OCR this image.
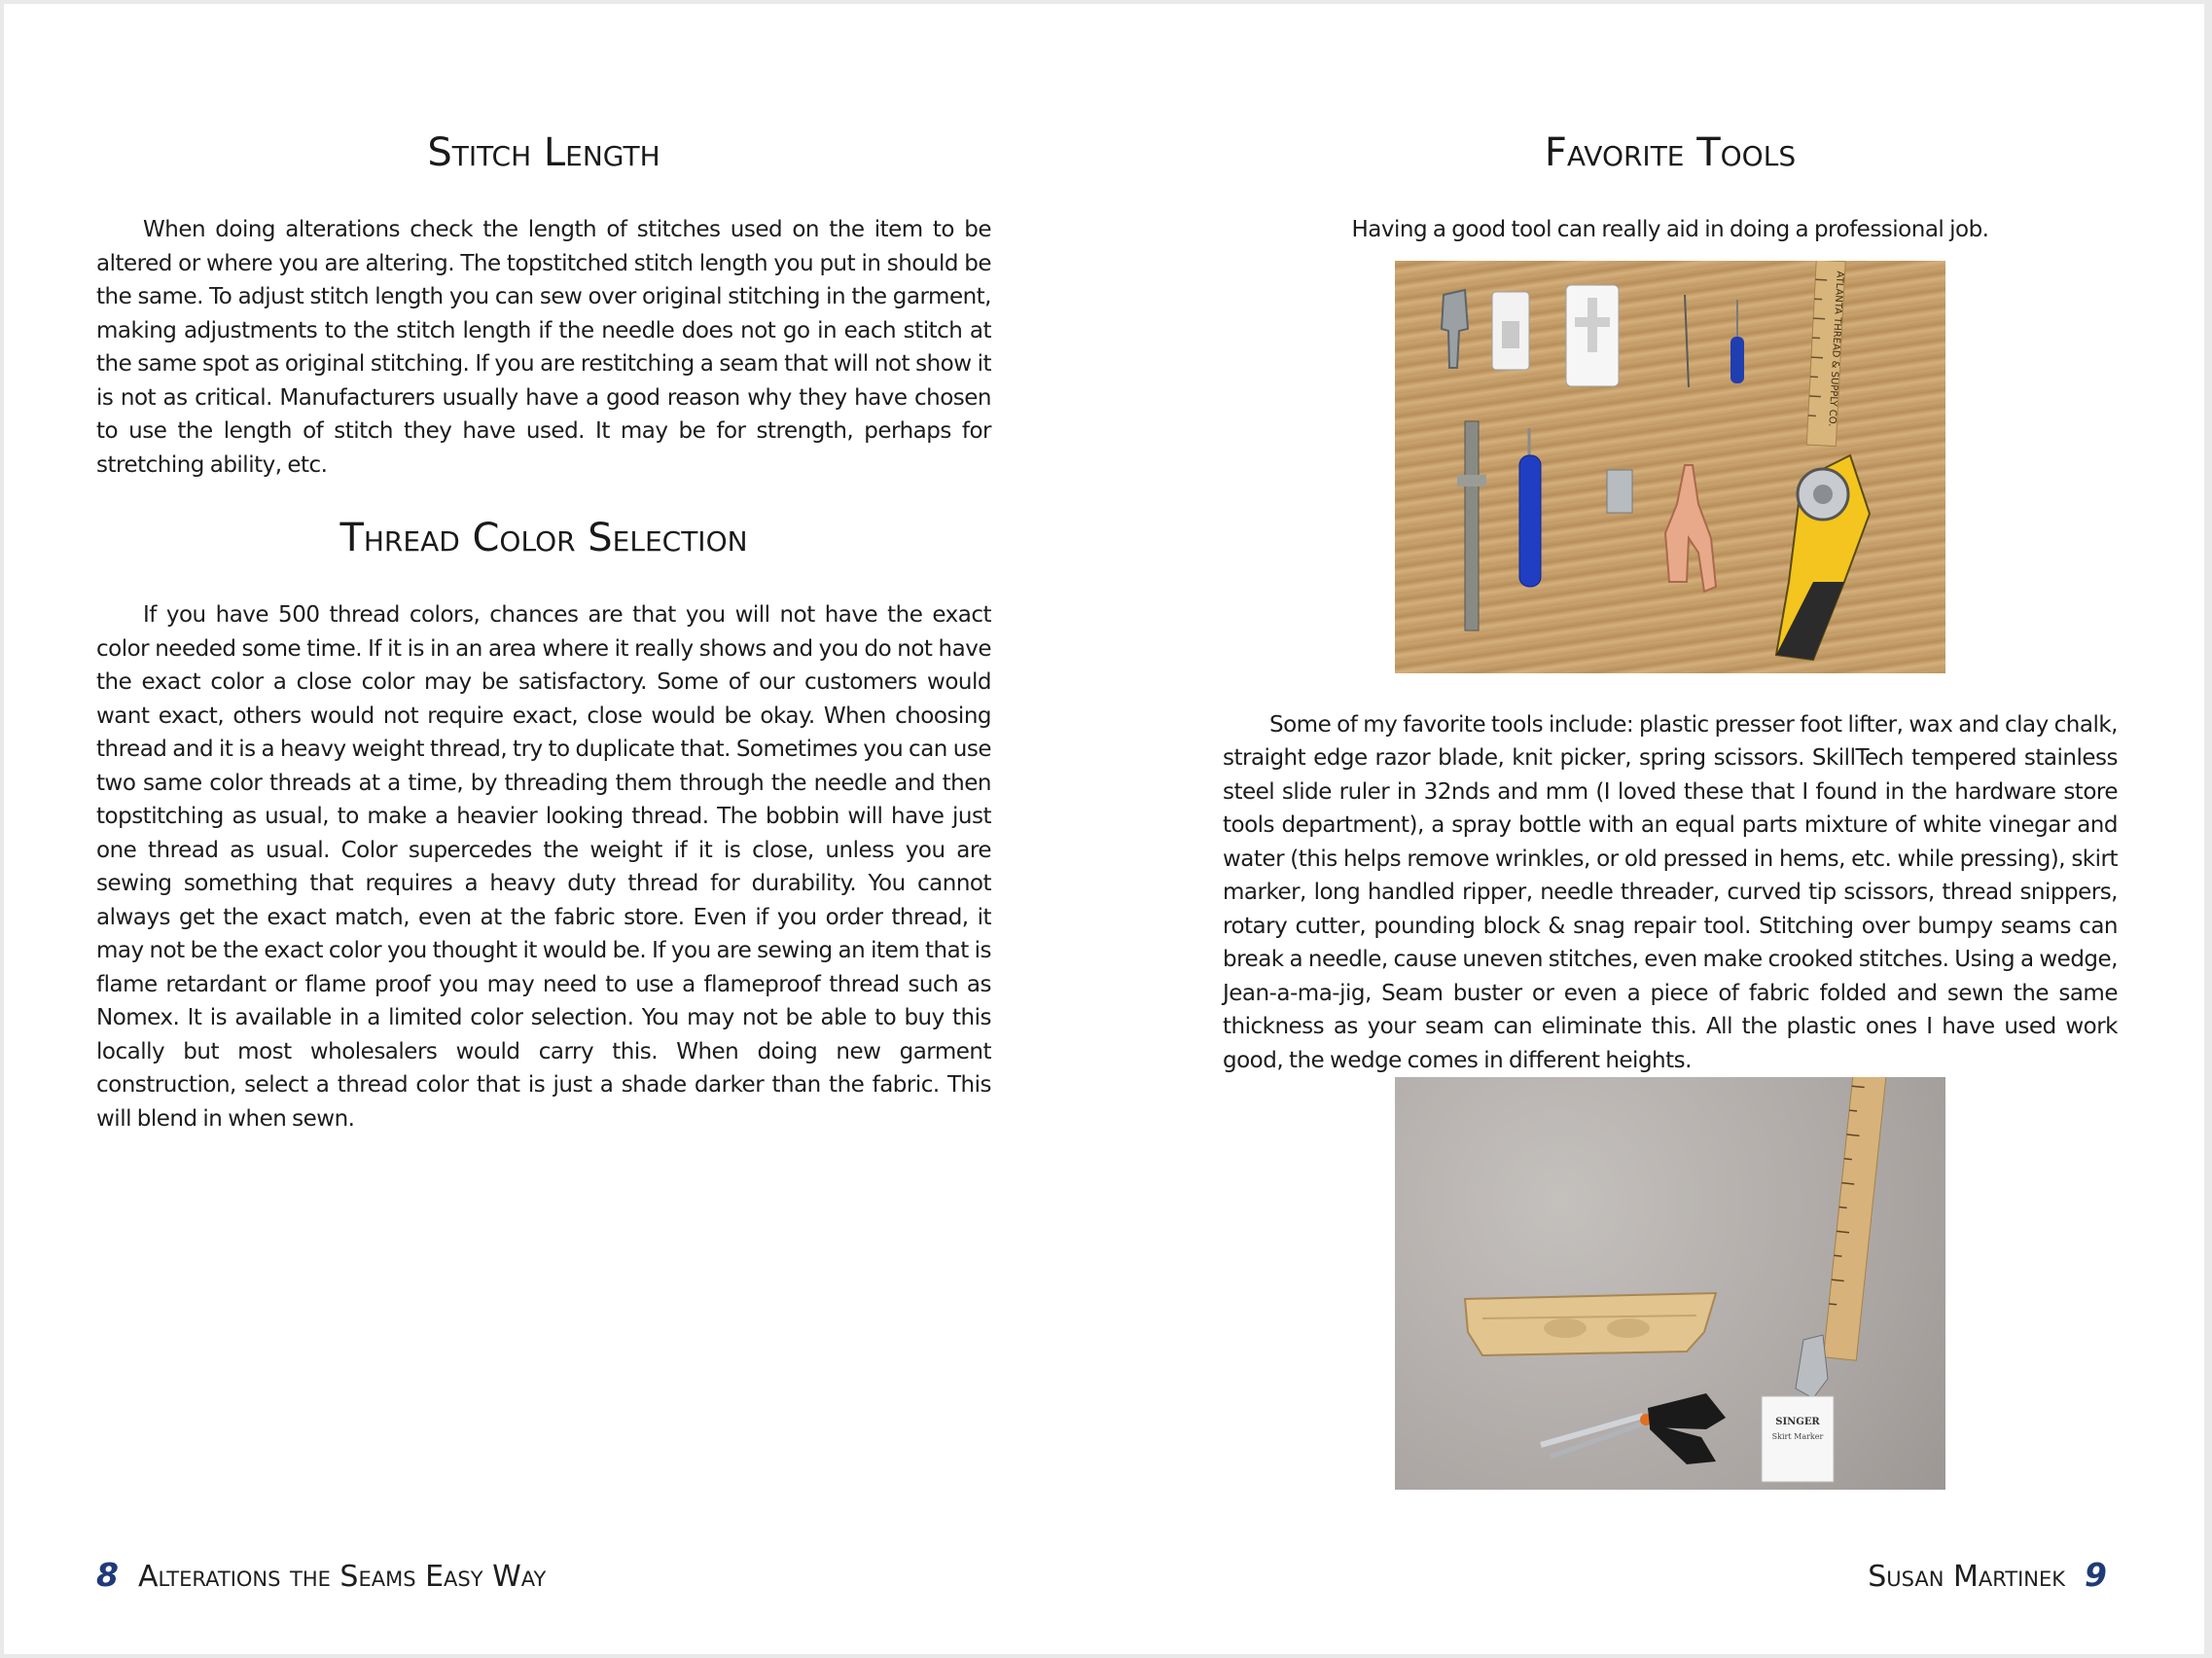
Stitch Length

When doing alterations check the length of stitches used on the item to be altered or where you are altering. The topstitched stitch length you put in should be the same. To adjust stitch length you can sew over original stitching in the garment, making adjustments to the stitch length if the needle does not go in each stitch at the same spot as original stitching. If you are restitching a seam that will not show it is not as critical. Manufacturers usually have a good reason why they have chosen to use the length of stitch they have used. It may be for strength, perhaps for stretching ability, etc.

Thread Color Selection

If you have 500 thread colors, chances are that you will not have the exact color needed some time. If it is in an area where it really shows and you do not have the exact color a close color may be satisfactory. Some of our customers would want exact, others would not require exact, close would be okay. When choosing thread and it is a heavy weight thread, try to duplicate that. Sometimes you can use two same color threads at a time, by threading them through the needle and then topstitching as usual, to make a heavier looking thread. The bobbin will have just one thread as usual. Color supercedes the weight if it is close, unless you are sewing something that requires a heavy duty thread for durability. You cannot always get the exact match, even at the fabric store. Even if you order thread, it may not be the exact color you thought it would be. If you are sewing an item that is flame retardant or flame proof you may need to use a flameproof thread such as Nomex. It is available in a limited color selection. You may not be able to buy this locally but most wholesalers would carry this. When doing new garment construction, select a thread color that is just a shade darker than the fabric. This will blend in when sewn.

8 Alterations the Seams Easy Way
Favorite Tools

Having a good tool can really aid in doing a professional job.

ATLANTA THREAD & SUPPLY CO.

Some of my favorite tools include: plastic presser foot lifter, wax and clay chalk, straight edge razor blade, knit picker, spring scissors. SkillTech tempered stainless steel slide ruler in 32nds and mm (I loved these that I found in the hardware store tools department), a spray bottle with an equal parts mixture of white vinegar and water (this helps remove wrinkles, or old pressed in hems, etc. while pressing), skirt marker, long handled ripper, needle threader, curved tip scissors, thread snippers, rotary cutter, pounding block & snag repair tool. Stitching over bumpy seams can break a needle, cause uneven stitches, even make crooked stitches. Using a wedge, Jean-a-ma-jig, Seam buster or even a piece of fabric folded and sewn the same thickness as your seam can eliminate this. All the plastic ones I have used work good, the wedge comes in different heights.

SINGER
Skirt Marker
Susan Martinek 9
